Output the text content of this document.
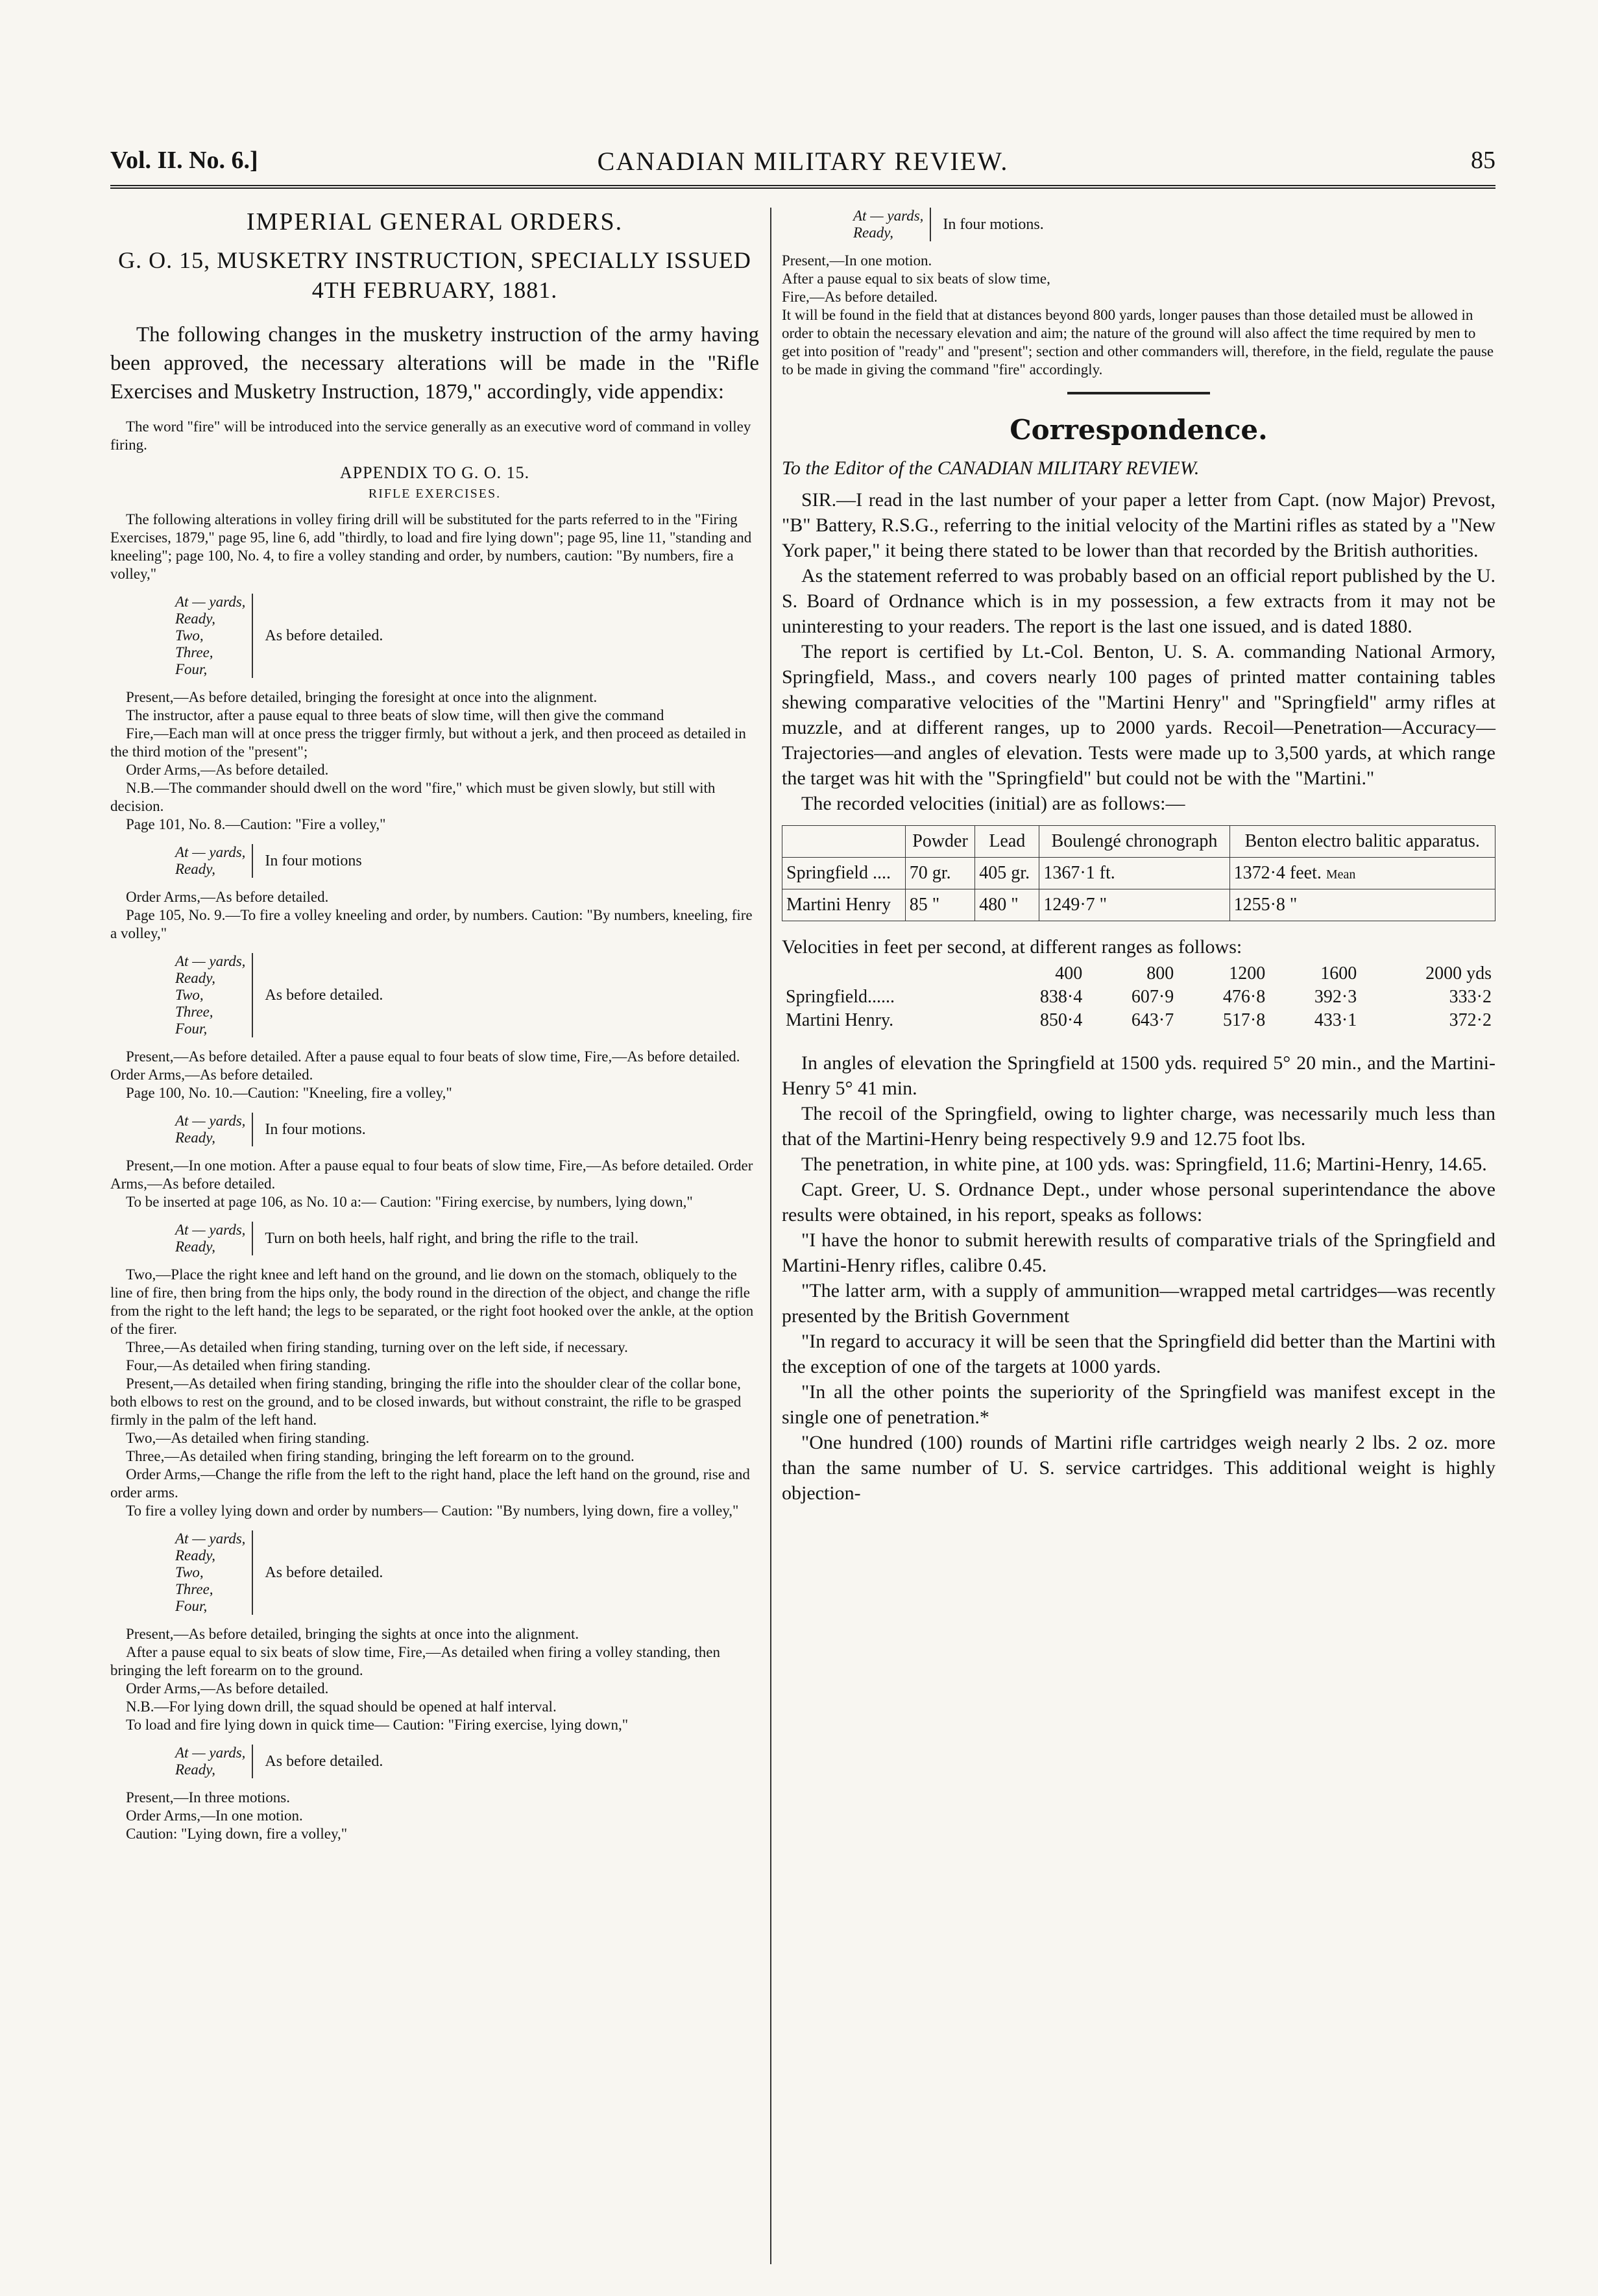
Vol. II. No. 6.]	CANADIAN MILITARY REVIEW.	85
IMPERIAL GENERAL ORDERS.
G. O. 15, MUSKETRY INSTRUCTION, SPECIALLY ISSUED 4TH FEBRUARY, 1881.

The following changes in the musketry instruction of the army having been approved, the necessary alterations will be made in the "Rifle Exercises and Musketry Instruction, 1879," accordingly, vide appendix:

The word "fire" will be introduced into the service generally as an executive word of command in volley firing.

APPENDIX TO G. O. 15.
RIFLE EXERCISES.

The following alterations in volley firing drill will be substituted for the parts referred to in the "Firing Exercises, 1879," page 95, line 6, add "thirdly, to load and fire lying down"; page 95, line 11, "standing and kneeling"; page 100, No. 4, to fire a volley standing and order, by numbers, caution: "By numbers, fire a volley,"

At — yards,
Ready,
Two,
Three,
Four,
As before detailed.

Present,—As before detailed, bringing the foresight at once into the alignment.

The instructor, after a pause equal to three beats of slow time, will then give the command

Fire,—Each man will at once press the trigger firmly, but without a jerk, and then proceed as detailed in the third motion of the "present";

Order Arms,—As before detailed.

N.B.—The commander should dwell on the word "fire," which must be given slowly, but still with decision.

Page 101, No. 8.—Caution: "Fire a volley,"

At — yards,
Ready,	In four motions

Order Arms,—As before detailed.

Page 105, No. 9.—To fire a volley kneeling and order, by numbers. Caution: "By numbers, kneeling, fire a volley,"

At — yards,
Ready,
Two,
Three,
Four,
As before detailed.

Present,—As before detailed. After a pause equal to four beats of slow time, Fire,—As before detailed. Order Arms,—As before detailed.

Page 100, No. 10.—Caution: "Kneeling, fire a volley,"

At — yards,
Ready,	In four motions.

Present,—In one motion. After a pause equal to four beats of slow time, Fire,—As before detailed. Order Arms,—As before detailed.

To be inserted at page 106, as No. 10 a:— Caution: "Firing exercise, by numbers, lying down,"

At — yards,
Ready,	Turn on both heels, half right, and bring the rifle to the trail.

Two,—Place the right knee and left hand on the ground, and lie down on the stomach, obliquely to the line of fire, then bring from the hips only, the body round in the direction of the object, and change the rifle from the right to the left hand; the legs to be separated, or the right foot hooked over the ankle, at the option of the firer.

Three,—As detailed when firing standing, turning over on the left side, if necessary.

Four,—As detailed when firing standing.

Present,—As detailed when firing standing, bringing the rifle into the shoulder clear of the collar bone, both elbows to rest on the ground, and to be closed inwards, but without constraint, the rifle to be grasped firmly in the palm of the left hand.

Two,—As detailed when firing standing.

Three,—As detailed when firing standing, bringing the left forearm on to the ground.

Order Arms,—Change the rifle from the left to the right hand, place the left hand on the ground, rise and order arms.

To fire a volley lying down and order by numbers— Caution: "By numbers, lying down, fire a volley,"

At — yards,
Ready,
Two,
Three,
Four,
As before detailed.

Present,—As before detailed, bringing the sights at once into the alignment.

After a pause equal to six beats of slow time, Fire,—As detailed when firing a volley standing, then bringing the left forearm on to the ground.

Order Arms,—As before detailed.

N.B.—For lying down drill, the squad should be opened at half interval.

To load and fire lying down in quick time— Caution: "Firing exercise, lying down,"

At — yards,
Ready,	As before detailed.

Present,—In three motions.

Order Arms,—In one motion.

Caution: "Lying down, fire a volley,"

At — yards,
Ready,	In four motions.

Present,—In one motion.

After a pause equal to six beats of slow time,

Fire,—As before detailed.

It will be found in the field that at distances beyond 800 yards, longer pauses than those detailed must be allowed in order to obtain the necessary elevation and aim; the nature of the ground will also affect the time required by men to get into position of "ready" and "present"; section and other commanders will, therefore, in the field, regulate the pause to be made in giving the command "fire" accordingly.

Correspondence.
To the Editor of the CANADIAN MILITARY REVIEW.

SIR.—I read in the last number of your paper a letter from Capt. (now Major) Prevost, "B" Battery, R.S.G., referring to the initial velocity of the Martini rifles as stated by a "New York paper," it being there stated to be lower than that recorded by the British authorities.

As the statement referred to was probably based on an official report published by the U. S. Board of Ordnance which is in my possession, a few extracts from it may not be uninteresting to your readers. The report is the last one issued, and is dated 1880.

The report is certified by Lt.-Col. Benton, U. S. A. commanding National Armory, Springfield, Mass., and covers nearly 100 pages of printed matter containing tables shewing comparative velocities of the "Martini Henry" and "Springfield" army rifles at muzzle, and at different ranges, up to 2000 yards. Recoil—Penetration—Accuracy—Trajectories—and angles of elevation. Tests were made up to 3,500 yards, at which range the target was hit with the "Springfield" but could not be with the "Martini."

The recorded velocities (initial) are as follows:—

	Powder	Lead	Boulengé chronograph	Benton electro balitic apparatus.
Springfield ....	70 gr.	405 gr.	1367·1 ft.	1372·4 feet. Mean
Martini Henry	85 "	480 "	1249·7 "	1255·8 "

Velocities in feet per second, at different ranges as follows:

	400	800	1200	1600	2000 yds
Springfield......	838·4	607·9	476·8	392·3	333·2
Martini Henry.	850·4	643·7	517·8	433·1	372·2

In angles of elevation the Springfield at 1500 yds. required 5° 20 min., and the Martini-Henry 5° 41 min.

The recoil of the Springfield, owing to lighter charge, was necessarily much less than that of the Martini-Henry being respectively 9.9 and 12.75 foot lbs.

The penetration, in white pine, at 100 yds. was: Springfield, 11.6; Martini-Henry, 14.65.

Capt. Greer, U. S. Ordnance Dept., under whose personal superintendance the above results were obtained, in his report, speaks as follows:

"I have the honor to submit herewith results of comparative trials of the Springfield and Martini-Henry rifles, calibre 0.45.

"The latter arm, with a supply of ammunition—wrapped metal cartridges—was recently presented by the British Government

"In regard to accuracy it will be seen that the Springfield did better than the Martini with the exception of one of the targets at 1000 yards.

"In all the other points the superiority of the Springfield was manifest except in the single one of penetration.*

"One hundred (100) rounds of Martini rifle cartridges weigh nearly 2 lbs. 2 oz. more than the same number of U. S. service cartridges. This additional weight is highly objection-
